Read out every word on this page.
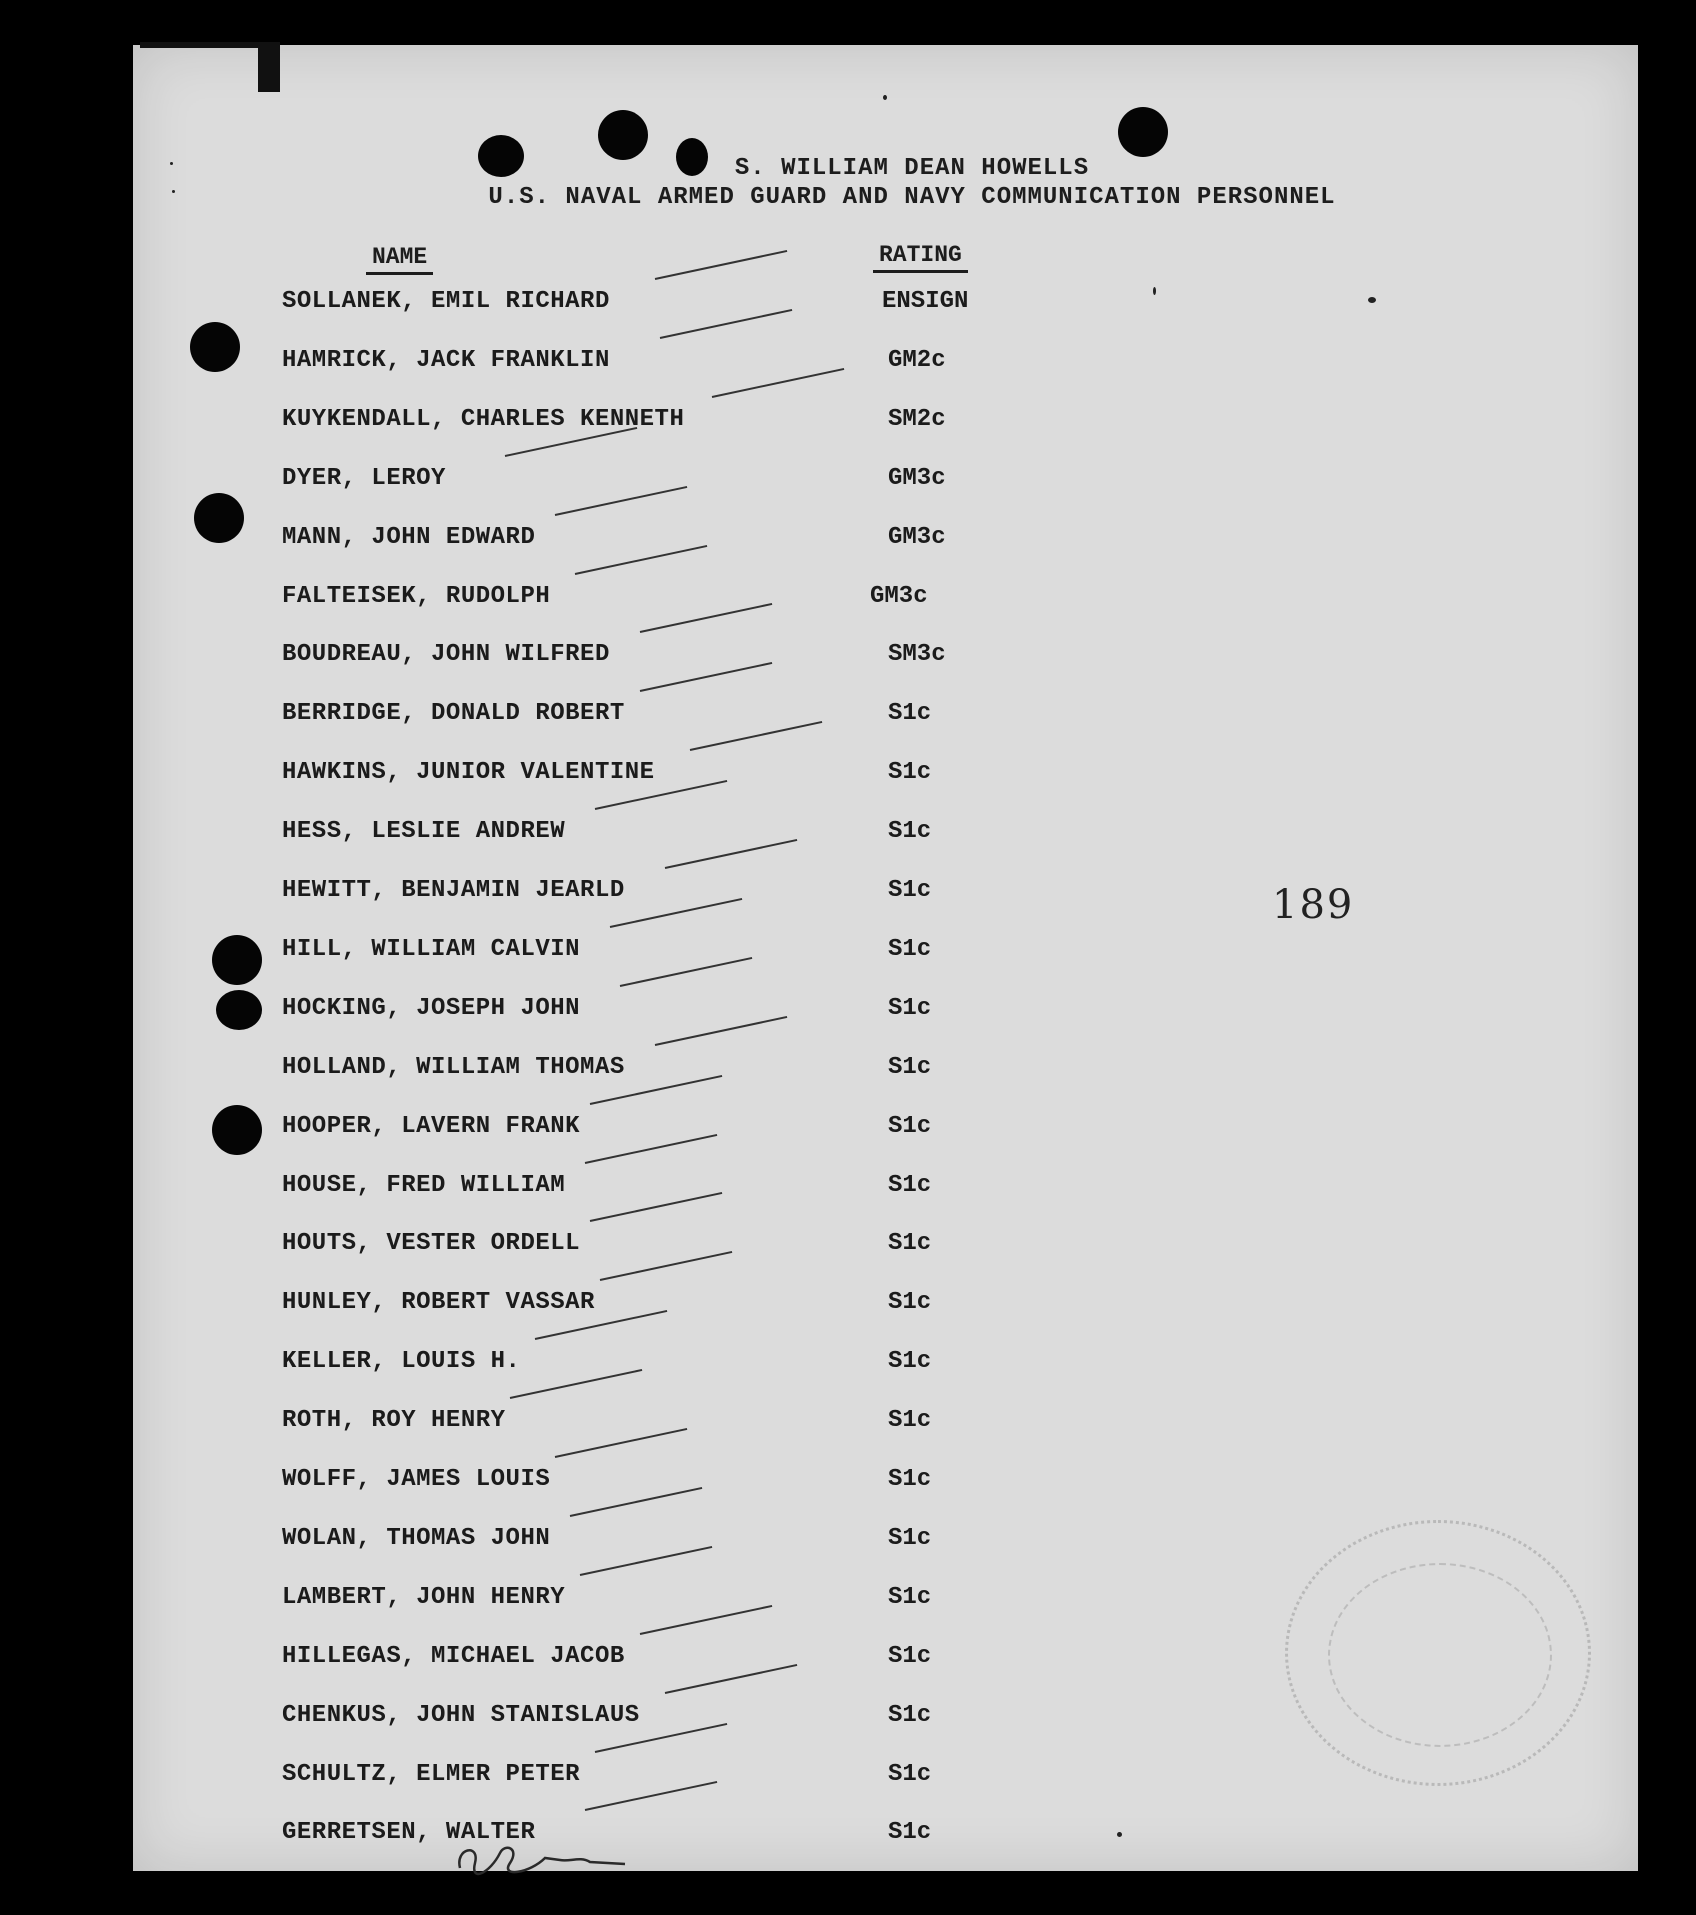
S. WILLIAM DEAN HOWELLS
U.S. NAVAL ARMED GUARD AND NAVY COMMUNICATION PERSONNEL
NAME	RATING
SOLLANEK, EMIL RICHARD	ENSIGN
HAMRICK, JACK FRANKLIN	GM2c
KUYKENDALL, CHARLES KENNETH	SM2c
DYER, LEROY	GM3c
MANN, JOHN EDWARD	GM3c
FALTEISEK, RUDOLPH	GM3c
BOUDREAU, JOHN WILFRED	SM3c
BERRIDGE, DONALD ROBERT	S1c
HAWKINS, JUNIOR VALENTINE	S1c
HESS, LESLIE ANDREW	S1c
HEWITT, BENJAMIN JEARLD	S1c
HILL, WILLIAM CALVIN	S1c
HOCKING, JOSEPH JOHN	S1c
HOLLAND, WILLIAM THOMAS	S1c
HOOPER, LAVERN FRANK	S1c
HOUSE, FRED WILLIAM	S1c
HOUTS, VESTER ORDELL	S1c
HUNLEY, ROBERT VASSAR	S1c
KELLER, LOUIS H.	S1c
ROTH, ROY HENRY	S1c
WOLFF, JAMES LOUIS	S1c
WOLAN, THOMAS JOHN	S1c
LAMBERT, JOHN HENRY	S1c
HILLEGAS, MICHAEL JACOB	S1c
CHENKUS, JOHN STANISLAUS	S1c
SCHULTZ, ELMER PETER	S1c
GERRETSEN, WALTER	S1c
189
